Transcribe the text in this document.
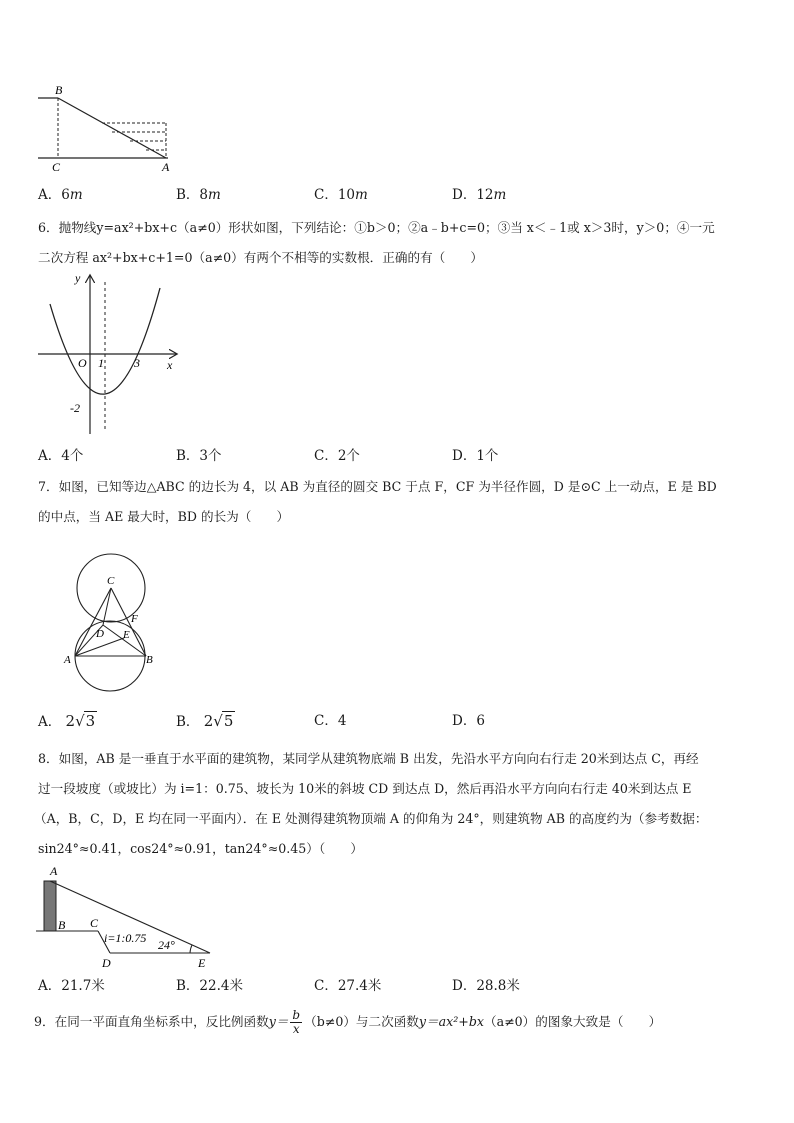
B
C	A
A．6m	B．8m	C．10m	D．12m
6．抛物线y=ax²+bx+c（a≠0）形状如图，下列结论：①b＞0；②a﹣b+c=0；③当 x＜﹣1或 x＞3时，y＞0；④一元
二次方程 ax²+bx+c+1=0（a≠0）有两个不相等的实数根．正确的有（　　）
y
x
O 1	3
-2
A．4个	B．3个	C．2个	D．1个
7．如图，已知等边△ABC 的边长为 4，以 AB 为直径的圆交 BC 于点 F，CF 为半径作圆，D 是⊙C 上一动点，E 是 BD
的中点，当 AE 最大时，BD 的长为（　　）
C
F
D E
A	B
A． 2√3	B． 2√5	C．4	D．6
8．如图，AB 是一垂直于水平面的建筑物，某同学从建筑物底端 B 出发，先沿水平方向向右行走 20米到达点 C，再经
过一段坡度（或坡比）为 i=1：0.75、坡长为 10米的斜坡 CD 到达点 D，然后再沿水平方向向右行走 40米到达点 E
（A，B，C，D，E 均在同一平面内）．在 E 处测得建筑物顶端 A 的仰角为 24°，则建筑物 AB 的高度约为（参考数据：
sin24°≈0.41，cos24°≈0.91，tan24°≈0.45）（　　）
A
B C
i=1:0.75 24°
D	E
A．21.7米	B．22.4米	C．27.4米	D．28.8米
9．在同一平面直角坐标系中，反比例函数$y= \frac{b}{x} (b\ne 0)$与二次函数y＝ax²+bx（a≠0）的图象大致是（　　）
